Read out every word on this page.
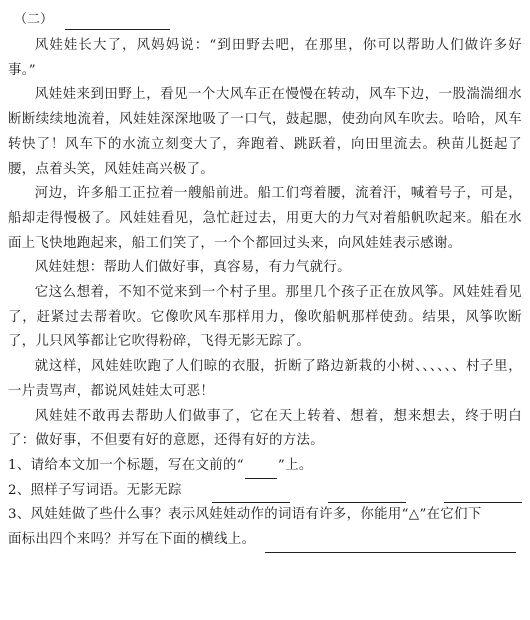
（二）

风娃娃长大了，风妈妈说：“到田野去吧，在那里，你可以帮助人们做许多好事。”

风娃娃来到田野上，看见一个大风车正在慢慢在转动，风车下边，一股湍湍细水断断续续地流着，风娃娃深深地吸了一口气，鼓起腮，使劲向风车吹去。哈哈，风车转快了！风车下的水流立刻变大了，奔跑着、跳跃着，向田里流去。秧苗儿挺起了腰，点着头笑，风娃娃高兴极了。

河边，许多船工正拉着一艘船前进。船工们弯着腰，流着汗，喊着号子，可是，船却走得慢极了。风娃娃看见，急忙赶过去，用更大的力气对着船帆吹起来。船在水面上飞快地跑起来，船工们笑了，一个个都回过头来，向风娃娃表示感谢。

风娃娃想：帮助人们做好事，真容易，有力气就行。

它这么想着，不知不觉来到一个村子里。那里几个孩子正在放风筝。风娃娃看见了，赶紧过去帮着吹。它像吹风车那样用力，像吹船帆那样使劲。结果，风筝吹断了，儿只风筝都让它吹得粉碎，飞得无影无踪了。

就这样，风娃娃吹跑了人们晾的衣服，折断了路边新栽的小树、、、、、、村子里，一片责骂声，都说风娃娃太可恶！

风娃娃不敢再去帮助人们做事了，它在天上转着、想着，想来想去，终于明白了：做好事，不但要有好的意愿，还得有好的方法。

1、请给本文加一个标题，写在文前的“	”上。
2、照样子写词语。无影无踪
3、风娃娃做了些什么事？表示风娃娃动作的词语有许多，你能用“△”在它们下
面标出四个来吗？并写在下面的横线上。
